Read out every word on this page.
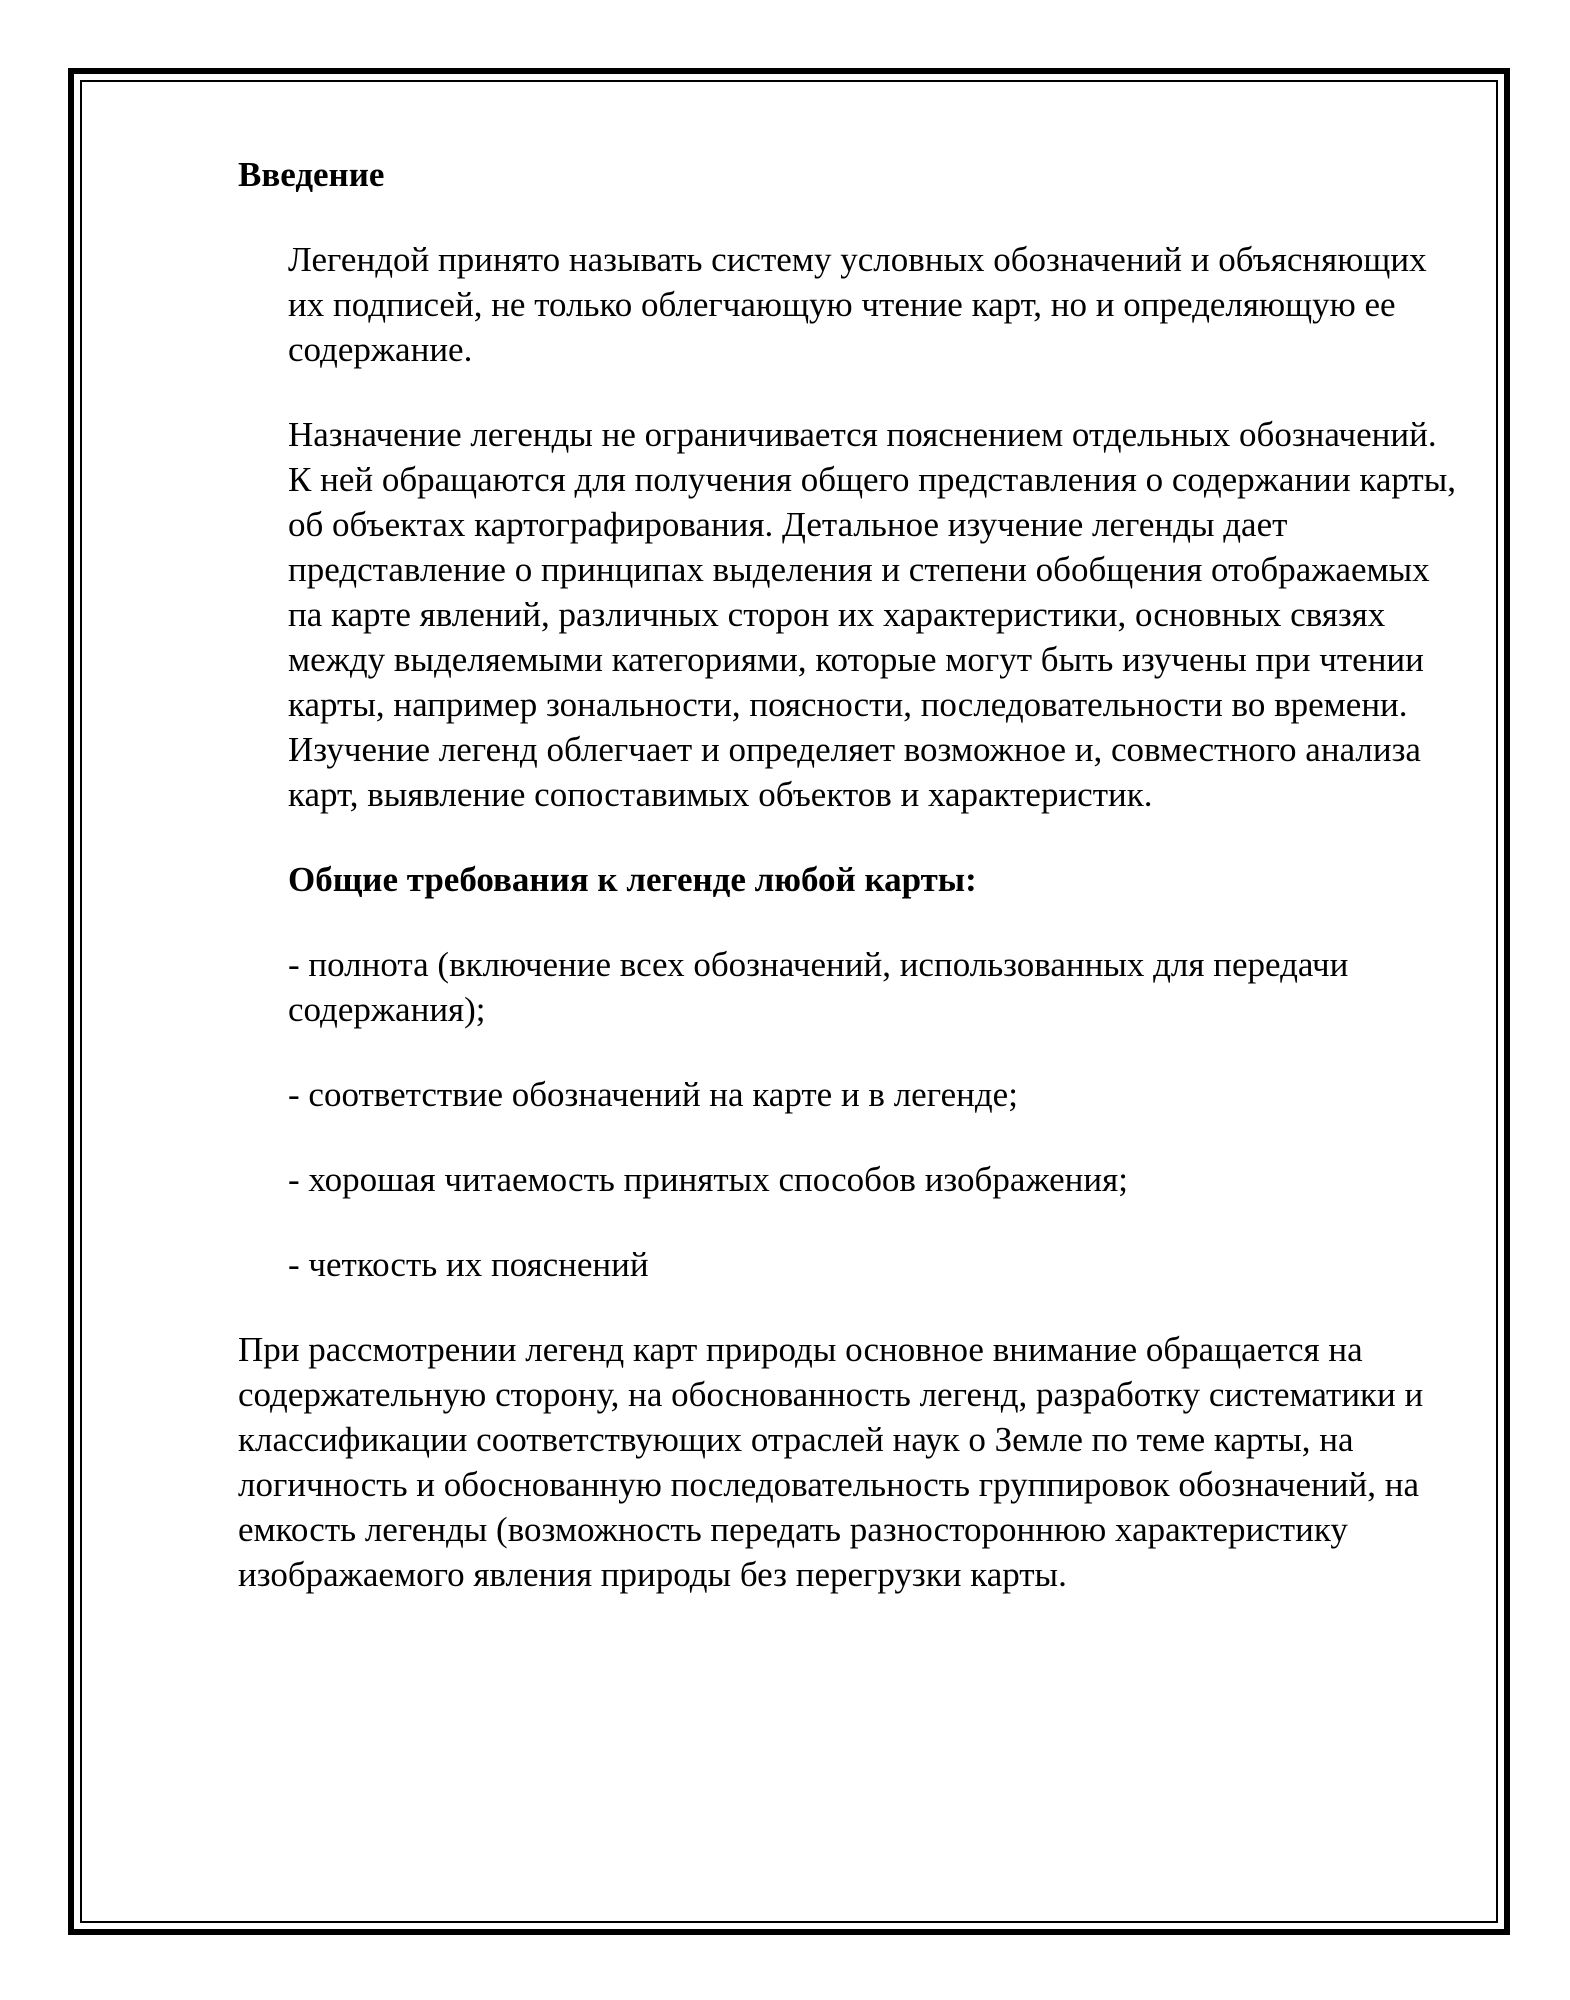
Введение

Легендой принято называть систему условных обозначений и объясняющих их подписей, не только облегчающую чтение карт, но и определяющую ее содержание.

Назначение легенды не ограничивается пояснением отдельных обозначений. К ней обращаются для получения общего представления о содержании карты, об объектах картографирования. Детальное изучение легенды дает представление о принципах выделения и степени обобщения отображаемых па карте явлений, различных сторон их характеристики, основных связях между выделяемыми категориями, которые могут быть изучены при чтении карты, например зональности, поясности, последовательности во времени. Изучение легенд облегчает и определяет возможное и, совместного анализа карт, выявление сопоставимых объектов и характеристик.

Общие требования к легенде любой карты:

- полнота (включение всех обозначений, использованных для передачи содержания);

- соответствие обозначений на карте и в легенде;

- хорошая читаемость принятых способов изображения;

- четкость их пояснений

При рассмотрении легенд карт природы основное внимание обращается на содержательную сторону, на обоснованность легенд, разработку систематики и классификации соответствующих отраслей наук о Земле по теме карты, на логичность и обоснованную последовательность группировок обозначений, на емкость легенды (возможность передать разностороннюю характеристику изображаемого явления природы без перегрузки карты.
